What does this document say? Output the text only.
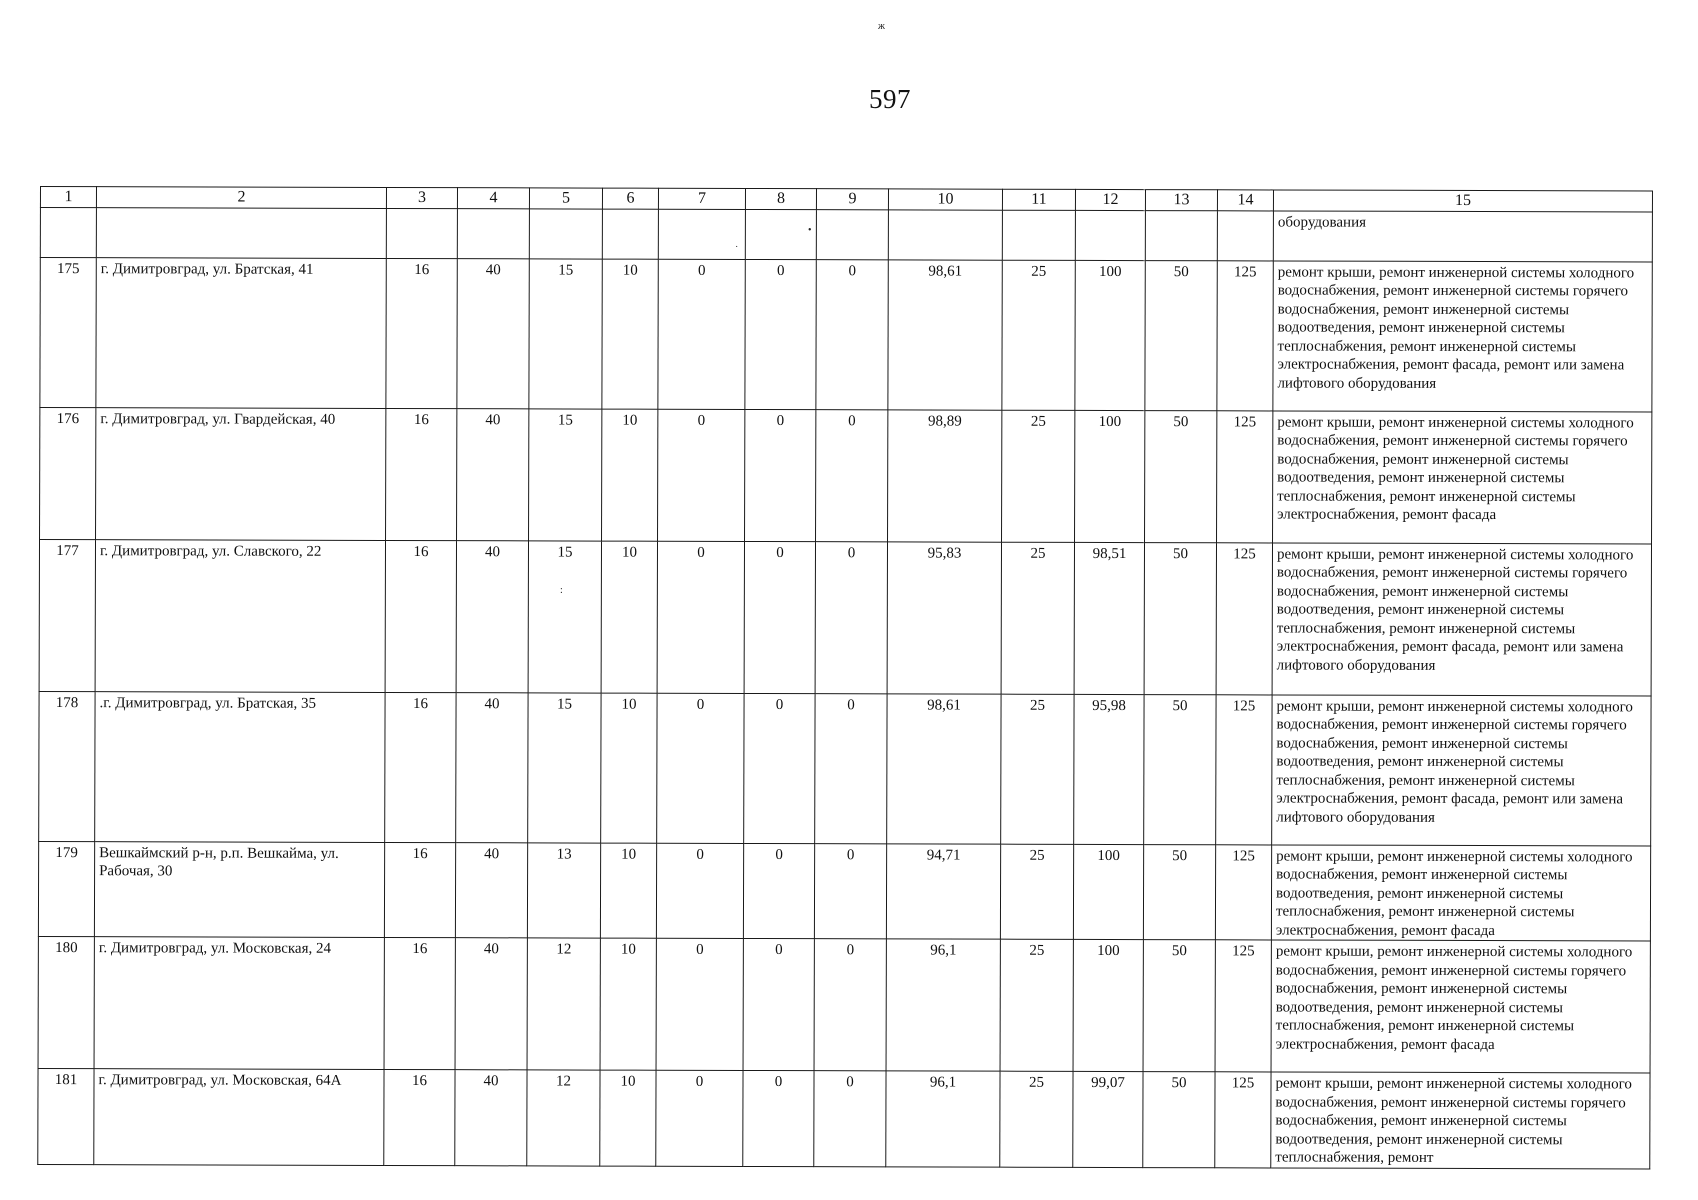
ж
•
˙
:
597
1	2	3	4	5	6	7	8	9	10	11	12	13	14	15
														оборудования
175	г. Димитровград, ул. Братская, 41	16	40	15	10	0	0	0	98,61	25	100	50	125	ремонт крыши, ремонт инженерной системы холодного водоснабжения, ремонт инженерной системы горячего водоснабжения, ремонт инженерной системы водоотведения, ремонт инженерной системы теплоснабжения, ремонт инженерной системы электроснабжения, ремонт фасада, ремонт или замена лифтового оборудования
176	г. Димитровград, ул. Гвардейская, 40	16	40	15	10	0	0	0	98,89	25	100	50	125	ремонт крыши, ремонт инженерной системы холодного водоснабжения, ремонт инженерной системы горячего водоснабжения, ремонт инженерной системы водоотведения, ремонт инженерной системы теплоснабжения, ремонт инженерной системы электроснабжения, ремонт фасада
177	г. Димитровград, ул. Славского, 22	16	40	15	10	0	0	0	95,83	25	98,51	50	125	ремонт крыши, ремонт инженерной системы холодного водоснабжения, ремонт инженерной системы горячего водоснабжения, ремонт инженерной системы водоотведения, ремонт инженерной системы теплоснабжения, ремонт инженерной системы электроснабжения, ремонт фасада, ремонт или замена лифтового оборудования
178	.г. Димитровград, ул. Братская, 35	16	40	15	10	0	0	0	98,61	25	95,98	50	125	ремонт крыши, ремонт инженерной системы холодного водоснабжения, ремонт инженерной системы горячего водоснабжения, ремонт инженерной системы водоотведения, ремонт инженерной системы теплоснабжения, ремонт инженерной системы электроснабжения, ремонт фасада, ремонт или замена лифтового оборудования
179	Вешкаймский р-н, р.п. Вешкайма, ул. Рабочая, 30	16	40	13	10	0	0	0	94,71	25	100	50	125	ремонт крыши, ремонт инженерной системы холодного водоснабжения, ремонт инженерной системы водоотведения, ремонт инженерной системы теплоснабжения, ремонт инженерной системы электроснабжения, ремонт фасада
180	г. Димитровград, ул. Московская, 24	16	40	12	10	0	0	0	96,1	25	100	50	125	ремонт крыши, ремонт инженерной системы холодного водоснабжения, ремонт инженерной системы горячего водоснабжения, ремонт инженерной системы водоотведения, ремонт инженерной системы теплоснабжения, ремонт инженерной системы электроснабжения, ремонт фасада
181	г. Димитровград, ул. Московская, 64А	16	40	12	10	0	0	0	96,1	25	99,07	50	125	ремонт крыши, ремонт инженерной системы холодного водоснабжения, ремонт инженерной системы горячего водоснабжения, ремонт инженерной системы водоотведения, ремонт инженерной системы теплоснабжения, ремонт
